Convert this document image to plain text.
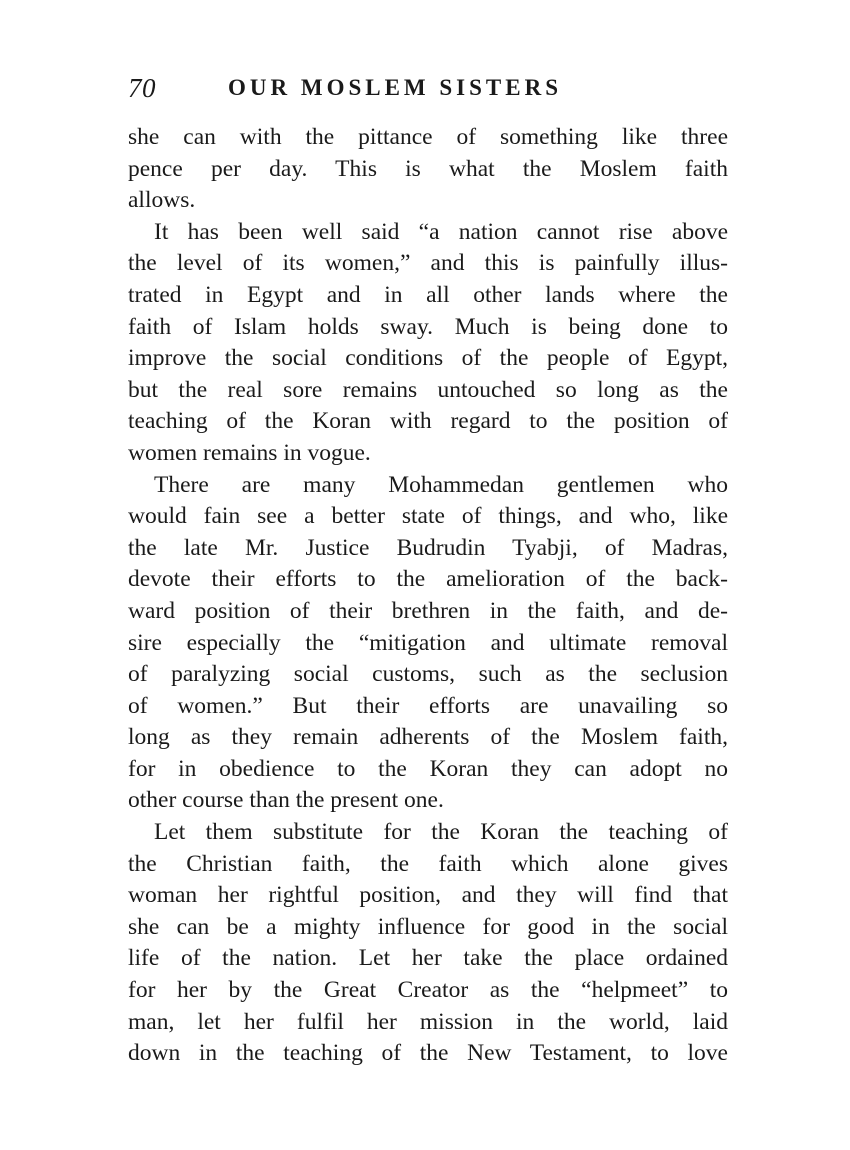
70	OUR MOSLEM SISTERS
she can with the pittance of something like three
pence per day. This is what the Moslem faith
allows.
It has been well said “a nation cannot rise above
the level of its women,” and this is painfully illus-
trated in Egypt and in all other lands where the
faith of Islam holds sway. Much is being done to
improve the social conditions of the people of Egypt,
but the real sore remains untouched so long as the
teaching of the Koran with regard to the position of
women remains in vogue.
There are many Mohammedan gentlemen who
would fain see a better state of things, and who, like
the late Mr. Justice Budrudin Tyabji, of Madras,
devote their efforts to the amelioration of the back-
ward position of their brethren in the faith, and de-
sire especially the “mitigation and ultimate removal
of paralyzing social customs, such as the seclusion
of women.” But their efforts are unavailing so
long as they remain adherents of the Moslem faith,
for in obedience to the Koran they can adopt no
other course than the present one.
Let them substitute for the Koran the teaching of
the Christian faith, the faith which alone gives
woman her rightful position, and they will find that
she can be a mighty influence for good in the social
life of the nation. Let her take the place ordained
for her by the Great Creator as the “helpmeet” to
man, let her fulfil her mission in the world, laid
down in the teaching of the New Testament, to love
